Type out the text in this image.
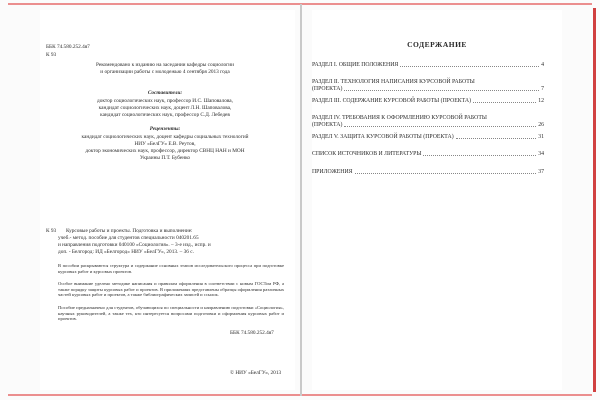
ББК 74.580.252.4я7
К 93
Рекомендовано к изданию на заседании кафедры социологии
и организации работы с молодежью 4 сентября 2013 года
Составители:
доктор социологических наук, профессор И.С. Шаповалова,
кандидат социологических наук, доцент Л.Н. Шаповалова,
кандидат социологических наук, профессор С.Д. Лебедев
Рецензенты:
кандидат социологических наук, доцент кафедры социальных технологий
НИУ «БелГУ» Е.В. Реутов,
доктор экономических наук, профессор, директор СВНЦ НАН и МОН
Украины П.Т. Бубенко
К 93 Курсовые работы и проекты. Подготовка и выполнение:
учеб.- метод. пособие для студентов специальности 040201.65
и направления подготовки 040100 «Социология». – 3-е изд., испр. и
доп. - Белгород: ИД «Белгород» НИУ «БелГУ», 2013. – 36 с.
В пособии раскрываются структура и содержание основных этапов исследовательского процесса при подготовке курсовых работ и курсовых проектов.
Особое внимание уделено методике написания и правилам оформления в соответствии с новым ГОСТом РФ, а также порядку защиты курсовых работ и проектов. В приложениях представлены образцы оформления различных частей курсовых работ и проектов, а также библиографических записей и ссылок.
Пособие предназначено для студентов, обучающихся по специальности и направлению подготовки «Социология», научных руководителей, а также тех, кто интересуется вопросами подготовки и оформления курсовых работ и проектов.
ББК 74.580.252.4я7
© НИУ «БелГУ», 2013
СОДЕРЖАНИЕ
РАЗДЕЛ I. ОБЩИЕ ПОЛОЖЕНИЯ	4
РАЗДЕЛ II. ТЕХНОЛОГИЯ НАПИСАНИЯ КУРСОВОЙ РАБОТЫ
(ПРОЕКТА)	7
РАЗДЕЛ III. СОДЕРЖАНИЕ КУРСОВОЙ РАБОТЫ (ПРОЕКТА)	12
РАЗДЕЛ IV. ТРЕБОВАНИЯ К ОФОРМЛЕНИЮ КУРСОВОЙ РАБОТЫ
(ПРОЕКТА)	26
РАЗДЕЛ V. ЗАЩИТА КУРСОВОЙ РАБОТЫ (ПРОЕКТА)	31
СПИСОК ИСТОЧНИКОВ И ЛИТЕРАТУРЫ	34
ПРИЛОЖЕНИЯ	37
